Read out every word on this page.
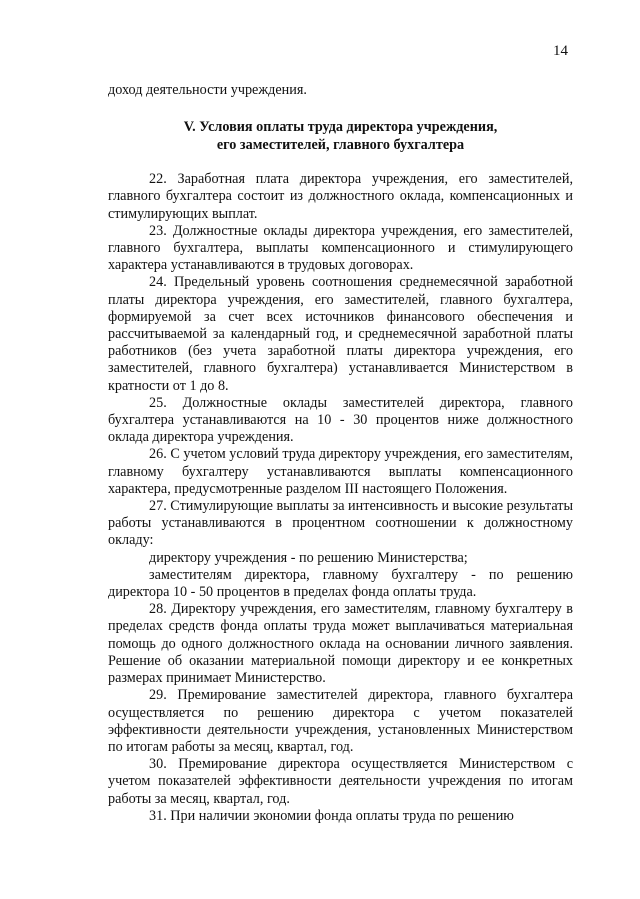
14

доход деятельности учреждения.

V. Условия оплаты труда директора учреждения,
его заместителей, главного бухгалтера

22. Заработная плата директора учреждения, его заместителей, главного бухгалтера состоит из должностного оклада, компенсационных и стимулирующих выплат.

23. Должностные оклады директора учреждения, его заместителей, главного бухгалтера, выплаты компенсационного и стимулирующего характера устанавливаются в трудовых договорах.

24. Предельный уровень соотношения среднемесячной заработной платы директора учреждения, его заместителей, главного бухгалтера, формируемой за счет всех источников финансового обеспечения и рассчитываемой за календарный год, и среднемесячной заработной платы работников (без учета заработной платы директора учреждения, его заместителей, главного бухгалтера) устанавливается Министерством в кратности от 1 до 8.

25. Должностные оклады заместителей директора, главного бухгалтера устанавливаются на 10 - 30 процентов ниже должностного оклада директора учреждения.

26. С учетом условий труда директору учреждения, его заместителям, главному бухгалтеру устанавливаются выплаты компенсационного характера, предусмотренные разделом III настоящего Положения.

27. Стимулирующие выплаты за интенсивность и высокие результаты работы устанавливаются в процентном соотношении к должностному окладу:

директору учреждения - по решению Министерства;

заместителям директора, главному бухгалтеру - по решению директора 10 - 50 процентов в пределах фонда оплаты труда.

28. Директору учреждения, его заместителям, главному бухгалтеру в пределах средств фонда оплаты труда может выплачиваться материальная помощь до одного должностного оклада на основании личного заявления. Решение об оказании материальной помощи директору и ее конкретных размерах принимает Министерство.

29. Премирование заместителей директора, главного бухгалтера осуществляется по решению директора с учетом показателей эффективности деятельности учреждения, установленных Министерством по итогам работы за месяц, квартал, год.

30. Премирование директора осуществляется Министерством с учетом показателей эффективности деятельности учреждения по итогам работы за месяц, квартал, год.

31. При наличии экономии фонда оплаты труда по решению
